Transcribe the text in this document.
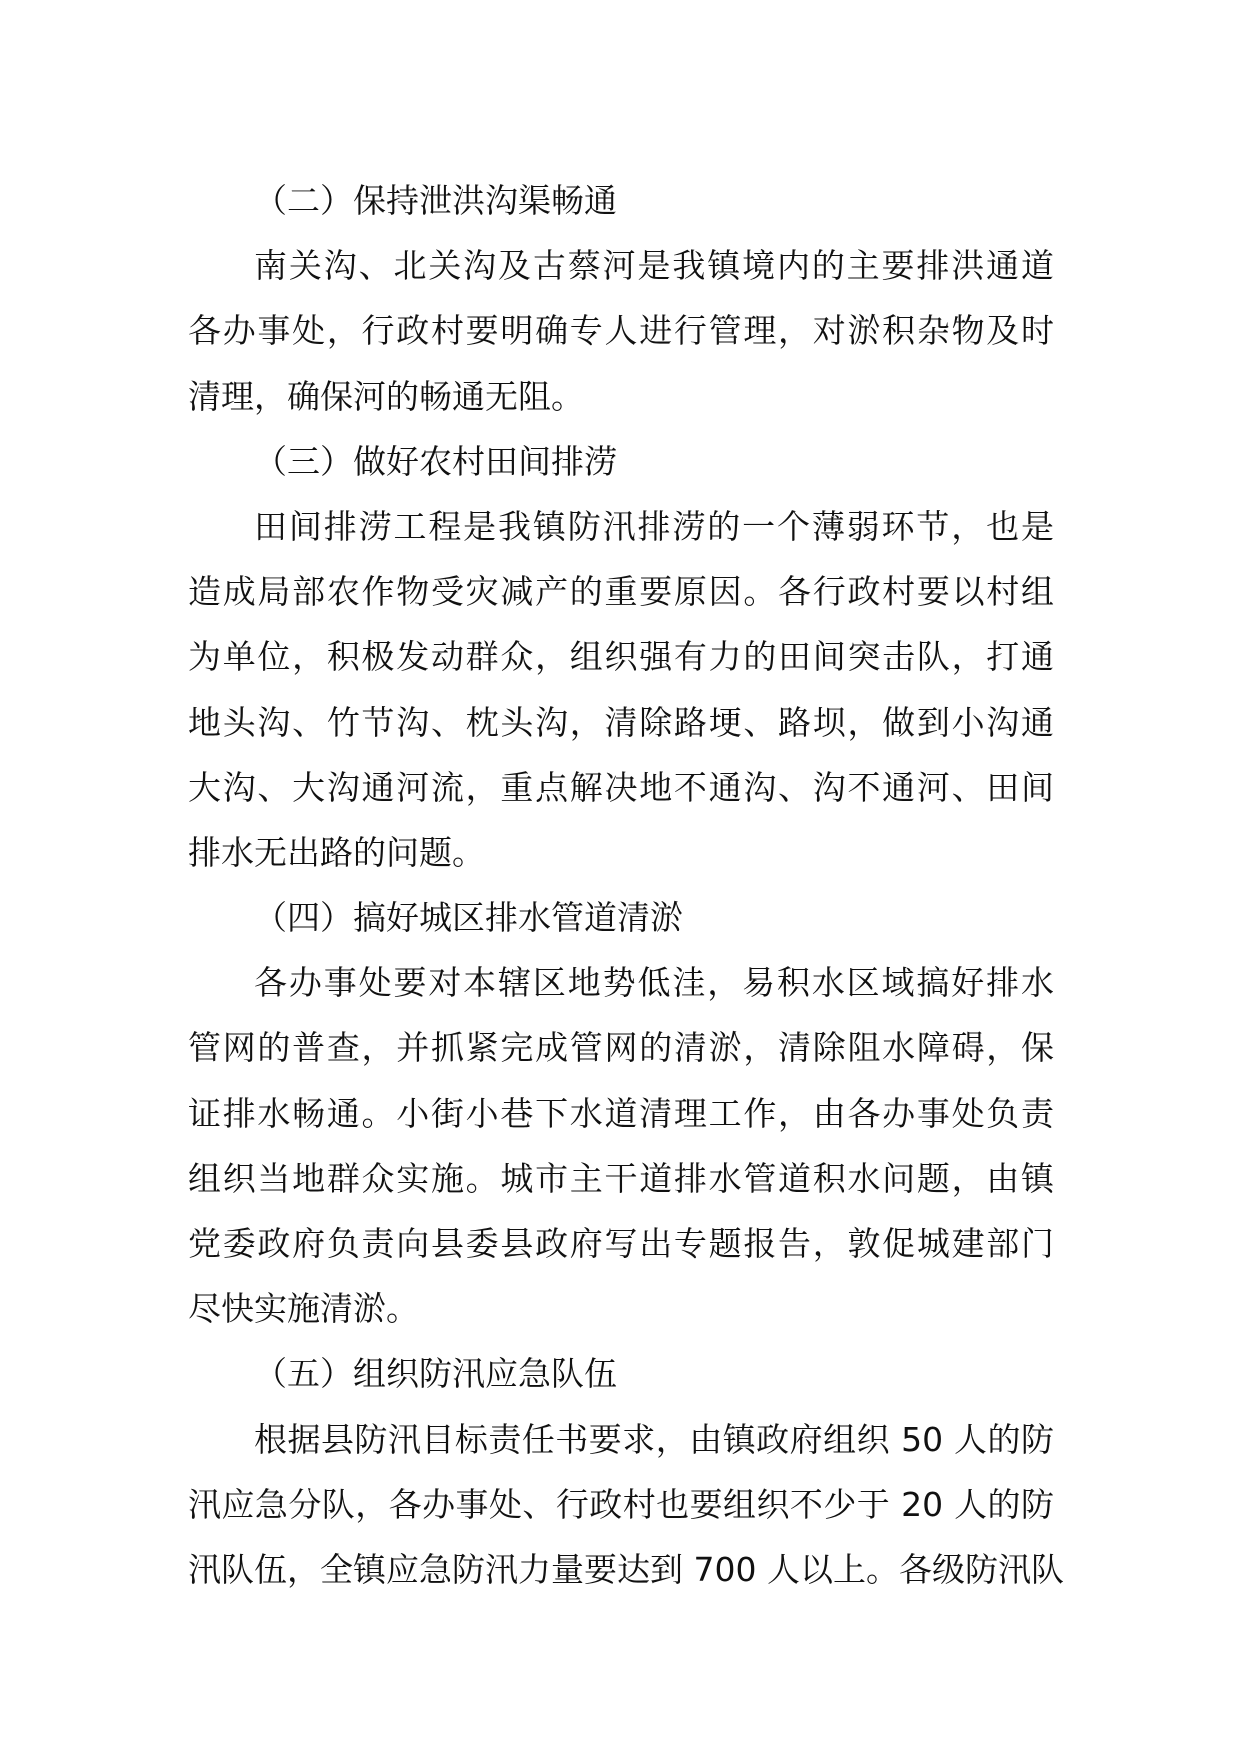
（二）保持泄洪沟渠畅通
南关沟、北关沟及古蔡河是我镇境内的主要排洪通道
各办事处，行政村要明确专人进行管理，对淤积杂物及时
清理，确保河的畅通无阻。
（三）做好农村田间排涝
田间排涝工程是我镇防汛排涝的一个薄弱环节，也是
造成局部农作物受灾减产的重要原因。各行政村要以村组
为单位，积极发动群众，组织强有力的田间突击队，打通
地头沟、竹节沟、枕头沟，清除路埂、路坝，做到小沟通
大沟、大沟通河流，重点解决地不通沟、沟不通河、田间
排水无出路的问题。
（四）搞好城区排水管道清淤
各办事处要对本辖区地势低洼，易积水区域搞好排水
管网的普查，并抓紧完成管网的清淤，清除阻水障碍，保
证排水畅通。小街小巷下水道清理工作，由各办事处负责
组织当地群众实施。城市主干道排水管道积水问题，由镇
党委政府负责向县委县政府写出专题报告，敦促城建部门
尽快实施清淤。
（五）组织防汛应急队伍
根据县防汛目标责任书要求，由镇政府组织 50 人的防
汛应急分队，各办事处、行政村也要组织不少于 20 人的防
汛队伍，全镇应急防汛力量要达到 700 人以上。各级防汛队
